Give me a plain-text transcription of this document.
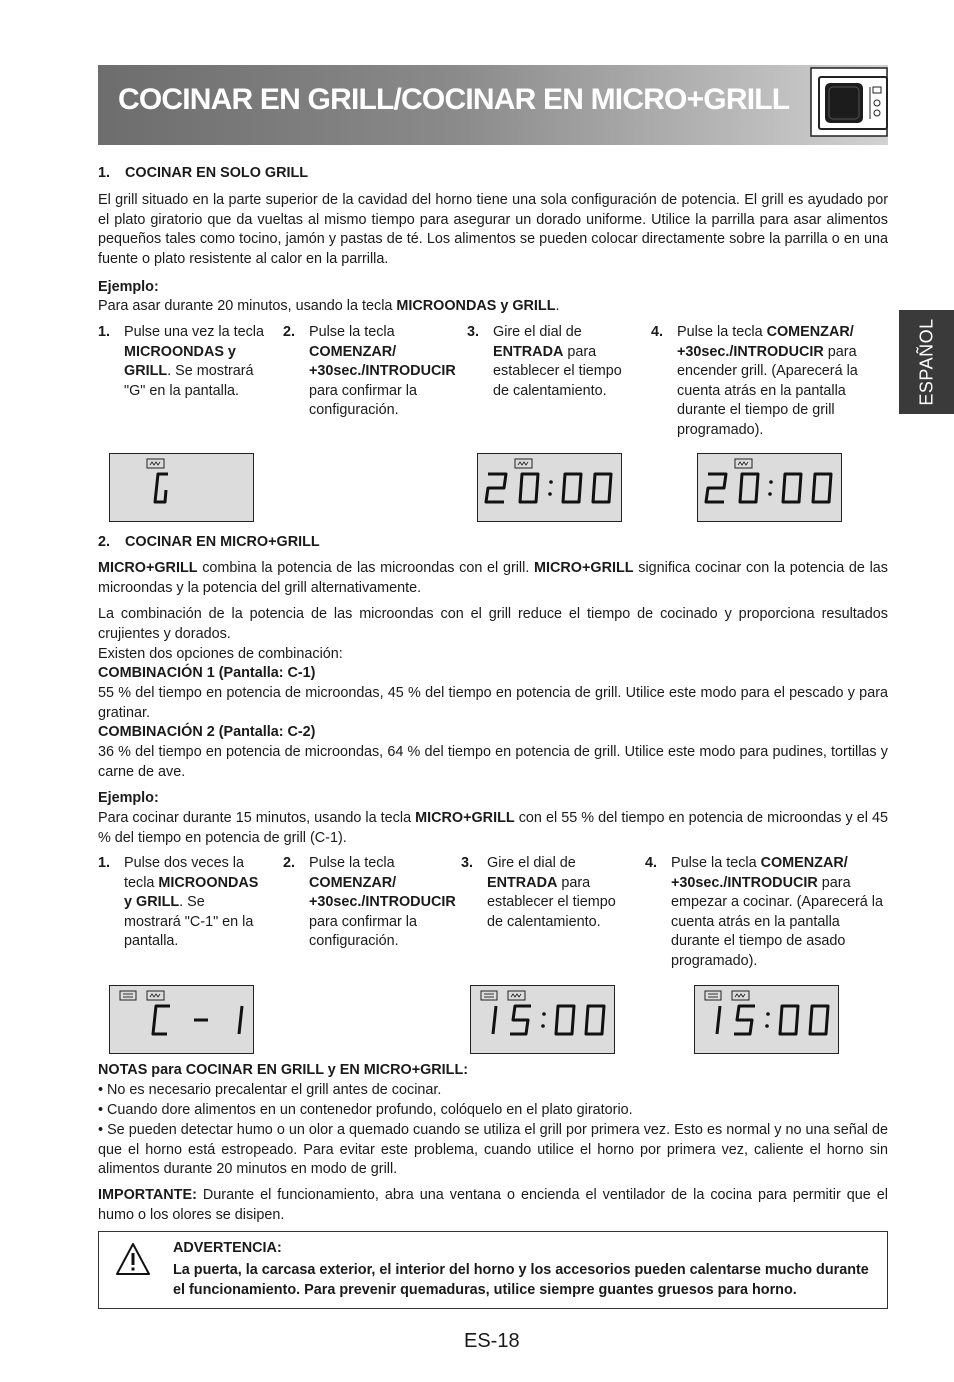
COCINAR EN GRILL/COCINAR EN MICRO+GRILL
ESPAÑOL
1. COCINAR EN SOLO GRILL

El grill situado en la parte superior de la cavidad del horno tiene una sola configuración de potencia. El grill es ayudado por el plato giratorio que da vueltas al mismo tiempo para asegurar un dorado uniforme. Utilice la parrilla para asar alimentos pequeños tales como tocino, jamón y pastas de té. Los alimentos se pueden colocar directamente sobre la parrilla o en una fuente o plato resistente al calor en la parrilla.

Ejemplo:

Para asar durante 20 minutos, usando la tecla MICROONDAS y GRILL.

1. Pulse una vez la tecla MICROONDAS y GRILL. Se mostrará "G" en la pantalla.
2. Pulse la tecla COMENZAR/ +30sec./INTRODUCIR para confirmar la configuración.
3. Gire el dial de ENTRADA para establecer el tiempo de calentamiento.
4. Pulse la tecla COMENZAR/ +30sec./INTRODUCIR para encender grill. (Aparecerá la cuenta atrás en la pantalla durante el tiempo de grill programado).
2. COCINAR EN MICRO+GRILL

MICRO+GRILL combina la potencia de las microondas con el grill. MICRO+GRILL significa cocinar con la potencia de las microondas y la potencia del grill alternativamente.

La combinación de la potencia de las microondas con el grill reduce el tiempo de cocinado y proporciona resultados crujientes y dorados.

Existen dos opciones de combinación:

COMBINACIÓN 1 (Pantalla: C-1)

55 % del tiempo en potencia de microondas, 45 % del tiempo en potencia de grill. Utilice este modo para el pescado y para gratinar.

COMBINACIÓN 2 (Pantalla: C-2)

36 % del tiempo en potencia de microondas, 64 % del tiempo en potencia de grill. Utilice este modo para pudines, tortillas y carne de ave.

Ejemplo:

Para cocinar durante 15 minutos, usando la tecla MICRO+GRILL con el 55 % del tiempo en potencia de microondas y el 45 % del tiempo en potencia de grill (C-1).

1. Pulse dos veces la tecla MICROONDAS y GRILL. Se mostrará "C-1" en la pantalla.
2. Pulse la tecla COMENZAR/ +30sec./INTRODUCIR para confirmar la configuración.
3. Gire el dial de ENTRADA para establecer el tiempo de calentamiento.
4. Pulse la tecla COMENZAR/ +30sec./INTRODUCIR para empezar a cocinar. (Aparecerá la cuenta atrás en la pantalla durante el tiempo de asado programado).

NOTAS para COCINAR EN GRILL y EN MICRO+GRILL:

• No es necesario precalentar el grill antes de cocinar.

• Cuando dore alimentos en un contenedor profundo, colóquelo en el plato giratorio.

• Se pueden detectar humo o un olor a quemado cuando se utiliza el grill por primera vez. Esto es normal y no una señal de que el horno está estropeado. Para evitar este problema, cuando utilice el horno por primera vez, caliente el horno sin alimentos durante 20 minutos en modo de grill.

IMPORTANTE: Durante el funcionamiento, abra una ventana o encienda el ventilador de la cocina para permitir que el humo o los olores se disipen.

ADVERTENCIA:
La puerta, la carcasa exterior, el interior del horno y los accesorios pueden calentarse mucho durante el funcionamiento. Para prevenir quemaduras, utilice siempre guantes gruesos para horno.
ES-18
